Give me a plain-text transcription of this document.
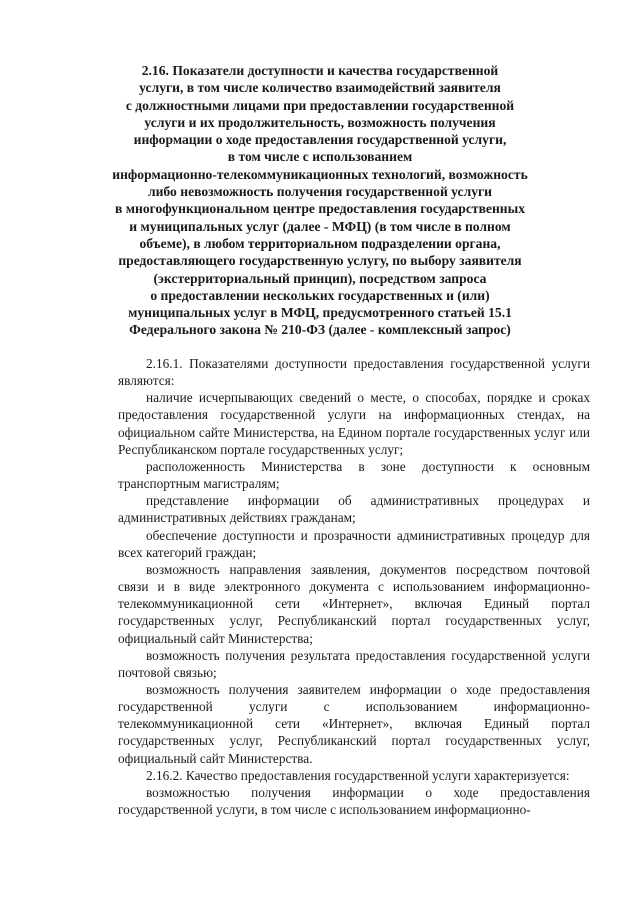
2.16. Показатели доступности и качества государственной
услуги, в том числе количество взаимодействий заявителя
с должностными лицами при предоставлении государственной
услуги и их продолжительность, возможность получения
информации о ходе предоставления государственной услуги,
в том числе с использованием
информационно-телекоммуникационных технологий, возможность
либо невозможность получения государственной услуги
в многофункциональном центре предоставления государственных
и муниципальных услуг (далее - МФЦ) (в том числе в полном
объеме), в любом территориальном подразделении органа,
предоставляющего государственную услугу, по выбору заявителя
(экстерриториальный принцип), посредством запроса
о предоставлении нескольких государственных и (или)
муниципальных услуг в МФЦ, предусмотренного статьей 15.1
Федерального закона № 210-ФЗ (далее - комплексный запрос)

2.16.1. Показателями доступности предоставления государственной услуги являются:

наличие исчерпывающих сведений о месте, о способах, порядке и сроках предоставления государственной услуги на информационных стендах, на официальном сайте Министерства, на Едином портале государственных услуг или Республиканском портале государственных услуг;

расположенность Министерства в зоне доступности к основным транспортным магистралям;

представление информации об административных процедурах и административных действиях гражданам;

обеспечение доступности и прозрачности административных процедур для всех категорий граждан;

возможность направления заявления, документов посредством почтовой связи и в виде электронного документа с использованием информационно-телекоммуникационной сети «Интернет», включая Единый портал государственных услуг, Республиканский портал государственных услуг, официальный сайт Министерства;

возможность получения результата предоставления государственной услуги почтовой связью;

возможность получения заявителем информации о ходе предоставления государственной услуги с использованием информационно-телекоммуникационной сети «Интернет», включая Единый портал государственных услуг, Республиканский портал государственных услуг, официальный сайт Министерства.

2.16.2. Качество предоставления государственной услуги характеризуется:

возможностью получения информации о ходе предоставления государственной услуги, в том числе с использованием информационно-
